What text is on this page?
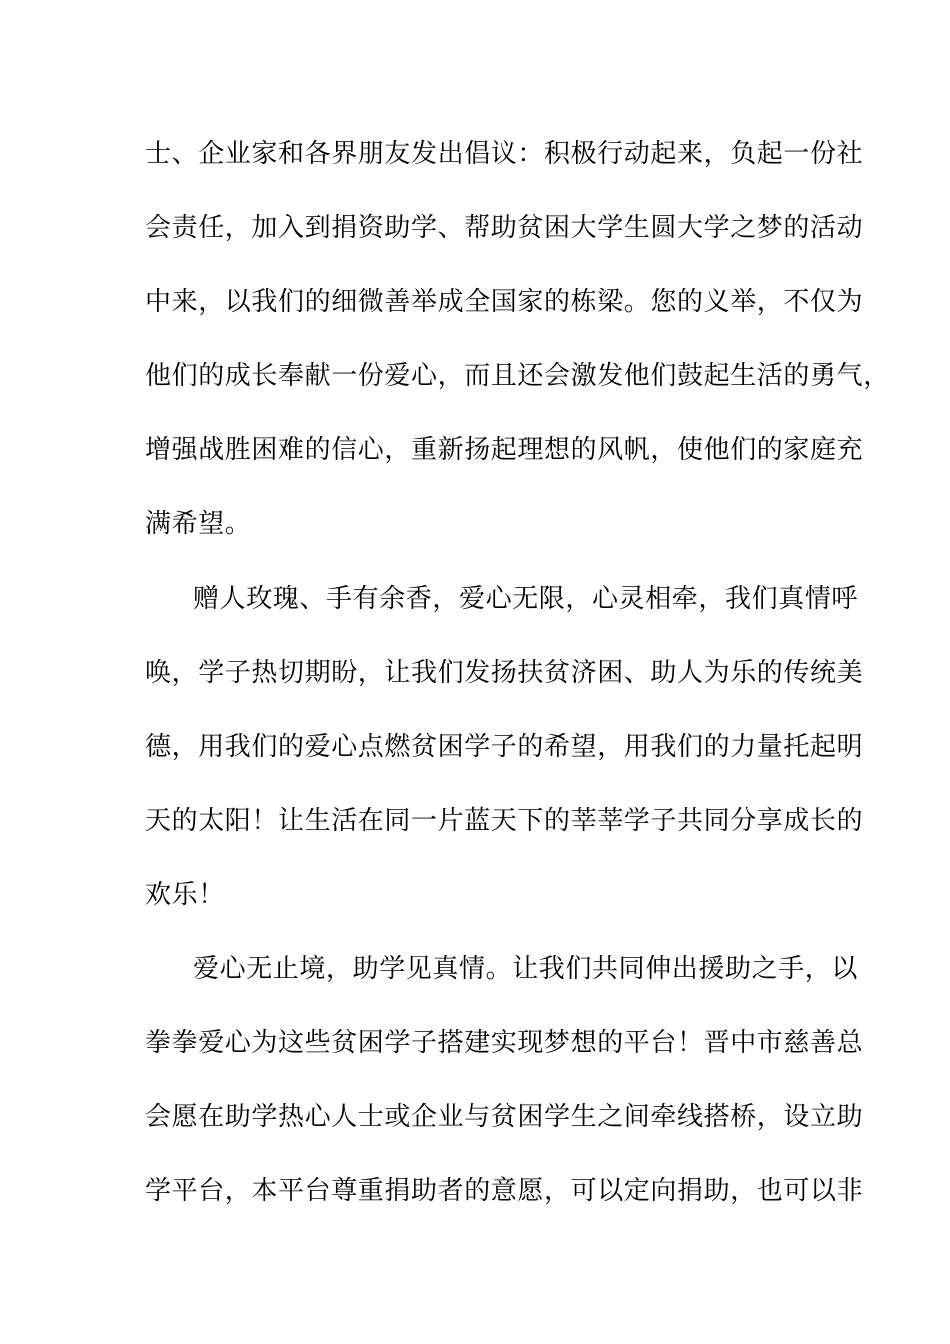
士、企业家和各界朋友发出倡议：积极行动起来，负起一份社
会责任，加入到捐资助学、帮助贫困大学生圆大学之梦的活动
中来，以我们的细微善举成全国家的栋梁。您的义举，不仅为
他们的成长奉献一份爱心，而且还会激发他们鼓起生活的勇气，
增强战胜困难的信心，重新扬起理想的风帆，使他们的家庭充
满希望。
赠人玫瑰、手有余香，爱心无限，心灵相牵，我们真情呼
唤，学子热切期盼，让我们发扬扶贫济困、助人为乐的传统美
德，用我们的爱心点燃贫困学子的希望，用我们的力量托起明
天的太阳！让生活在同一片蓝天下的莘莘学子共同分享成长的
欢乐！
爱心无止境，助学见真情。让我们共同伸出援助之手，以
拳拳爱心为这些贫困学子搭建实现梦想的平台！晋中市慈善总
会愿在助学热心人士或企业与贫困学生之间牵线搭桥，设立助
学平台，本平台尊重捐助者的意愿，可以定向捐助，也可以非
